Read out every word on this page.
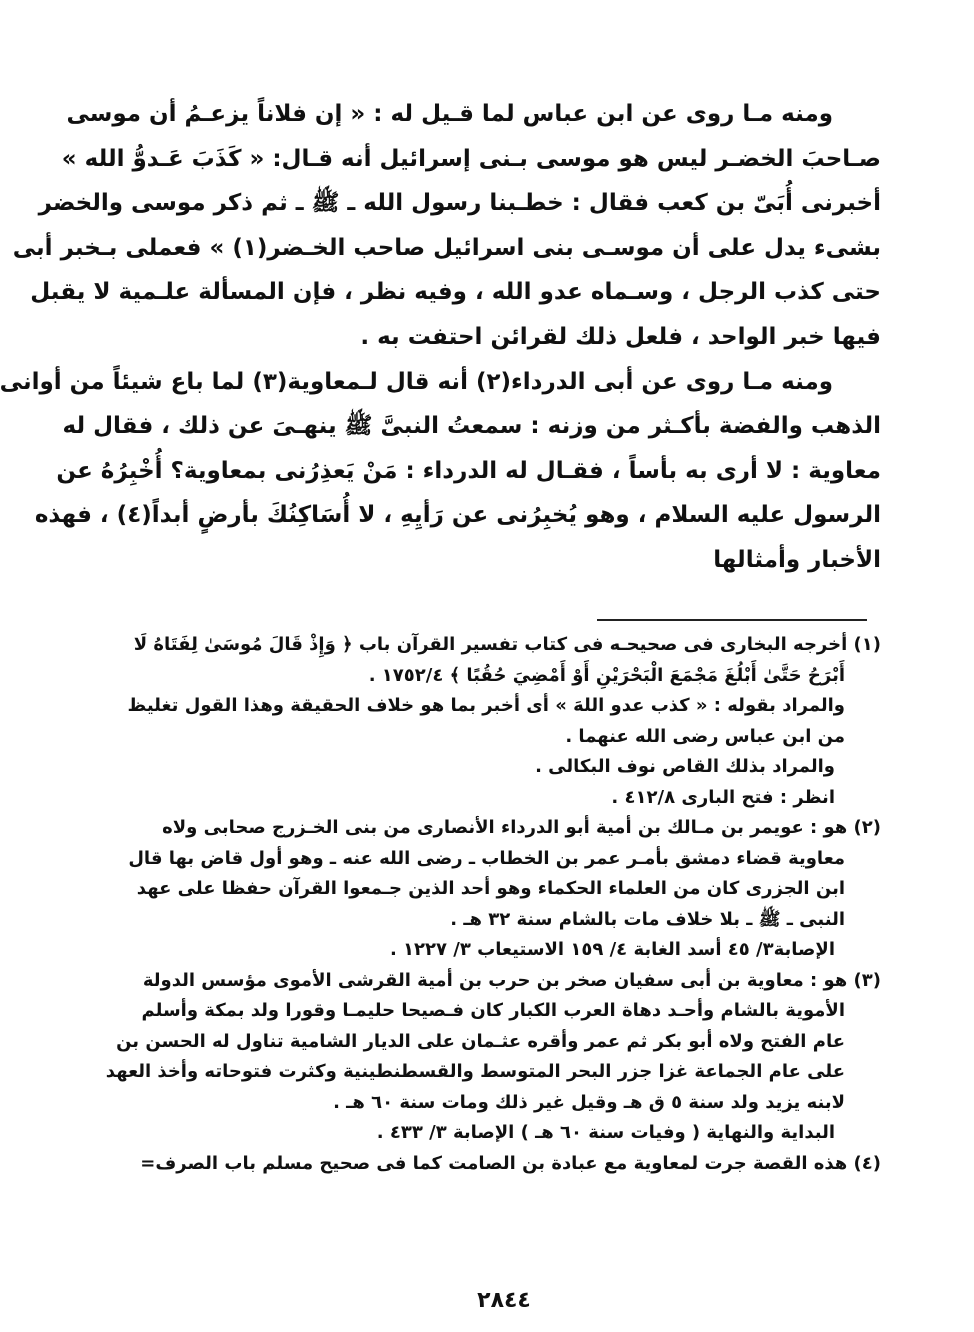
ومنه مـا روى عن ابن عباس لما قـيل له : « إن فلاناً يزعـمُ أن موسى
صـاحبَ الخضـر ليس هو موسى بـنى إسرائيل أنه قـال: « كَذَبَ عَـدوُّ الله »
أخبرنى أُبَىّ بن كعب فقال : خطـبنا رسول الله ـ ﷺ ـ ثم ذكر موسى والخضر
بشىء يدل على أن موسـى بنى اسرائيل صاحب الخـضر(١) » فعملى بـخبر أبى
حتى كذب الرجل ، وسـماه عدو الله ، وفيه نظر ، فإن المسألة علـمية لا يقبل
فيها خبر الواحد ، فلعل ذلك لقرائن احتفت به .

ومنه مـا روى عن أبى الدرداء(٢) أنه قال لـمعاوية(٣) لما باع شيئاً من أوانى
الذهب والفضة بأكـثر من وزنه : سمعتُ النبىَّ ﷺ ينهـىَ عن ذلك ، فقال له
معاوية : لا أرى به بأساً ، فقـال له الدرداء : مَنْ يَعذِرُنى بمعاوية؟ أُخْبِرُهُ عن
الرسول عليه السلام ، وهو يُخبِرُنى عن رَأيِهِ ، لا أُسَاكِنُكَ بأرضٍ أبداً(٤) ، فهذه
الأخبار وأمثالها

(١) أخرجه البخارى فى صحيحـه فى كتاب تفسير القرآن باب ﴿ وَإِذْ قَالَ مُوسَىٰ لِفَتَاهُ لَا
أَبْرَحُ حَتَّىٰ أَبْلُغَ مَجْمَعَ الْبَحْرَيْنِ أَوْ أَمْضِيَ حُقُبًا ﴾ ١٧٥٢/٤ .
والمراد بقوله : « كذب عدو اللهَ » أى أخبر بما هو خلاف الحقيقة وهذا القول تغليظ
من ابن عباس رضى الله عنهما .
والمراد بذلك القاص نوف البكالى .
انظر : فتح البارى ٤١٢/٨ .
(٢) هو : عويمر بن مـالك بن أمية أبو الدرداء الأنصارى من بنى الخـزرج صحابى ولاه
معاوية قضاء دمشق بأمـر عمر بن الخطاب ـ رضى الله عنه ـ وهو أول قاض بها قال
ابن الجزرى كان من العلماء الحكماء وهو أحد الذين جـمعوا القرآن حفظا على عهد
النبى ـ ﷺ ـ بلا خلاف مات بالشام سنة ٣٢ هـ .
الإصابة٣/ ٤٥ أسد الغابة ٤/ ١٥٩ الاستيعاب ٣/ ١٢٢٧ .
(٣) هو : معاوية بن أبى سفيان صخر بن حرب بن أمية القرشى الأموى مؤسس الدولة
الأموية بالشام وأحـد دهاة العرب الكبار كان فـصيحا حليمـا وقورا ولد بمكة وأسلم
عام الفتح ولاه أبو بكر ثم عمر وأقره عثـمان على الديار الشامية تناول له الحسن بن
على عام الجماعة غزا جزر البحر المتوسط والقسطنطينية وكثرت فتوحاته وأخذ العهد
لابنه يزيد ولد سنة ٥ ق هـ وقيل غير ذلك ومات سنة ٦٠ هـ .
البداية والنهاية ( وفيات سنة ٦٠ هـ ) الإصابة ٣/ ٤٣٣ .
(٤) هذه القصة جرت لمعاوية مع عبادة بن الصامت كما فى صحيح مسلم باب الصرف=
٢٨٤٤
